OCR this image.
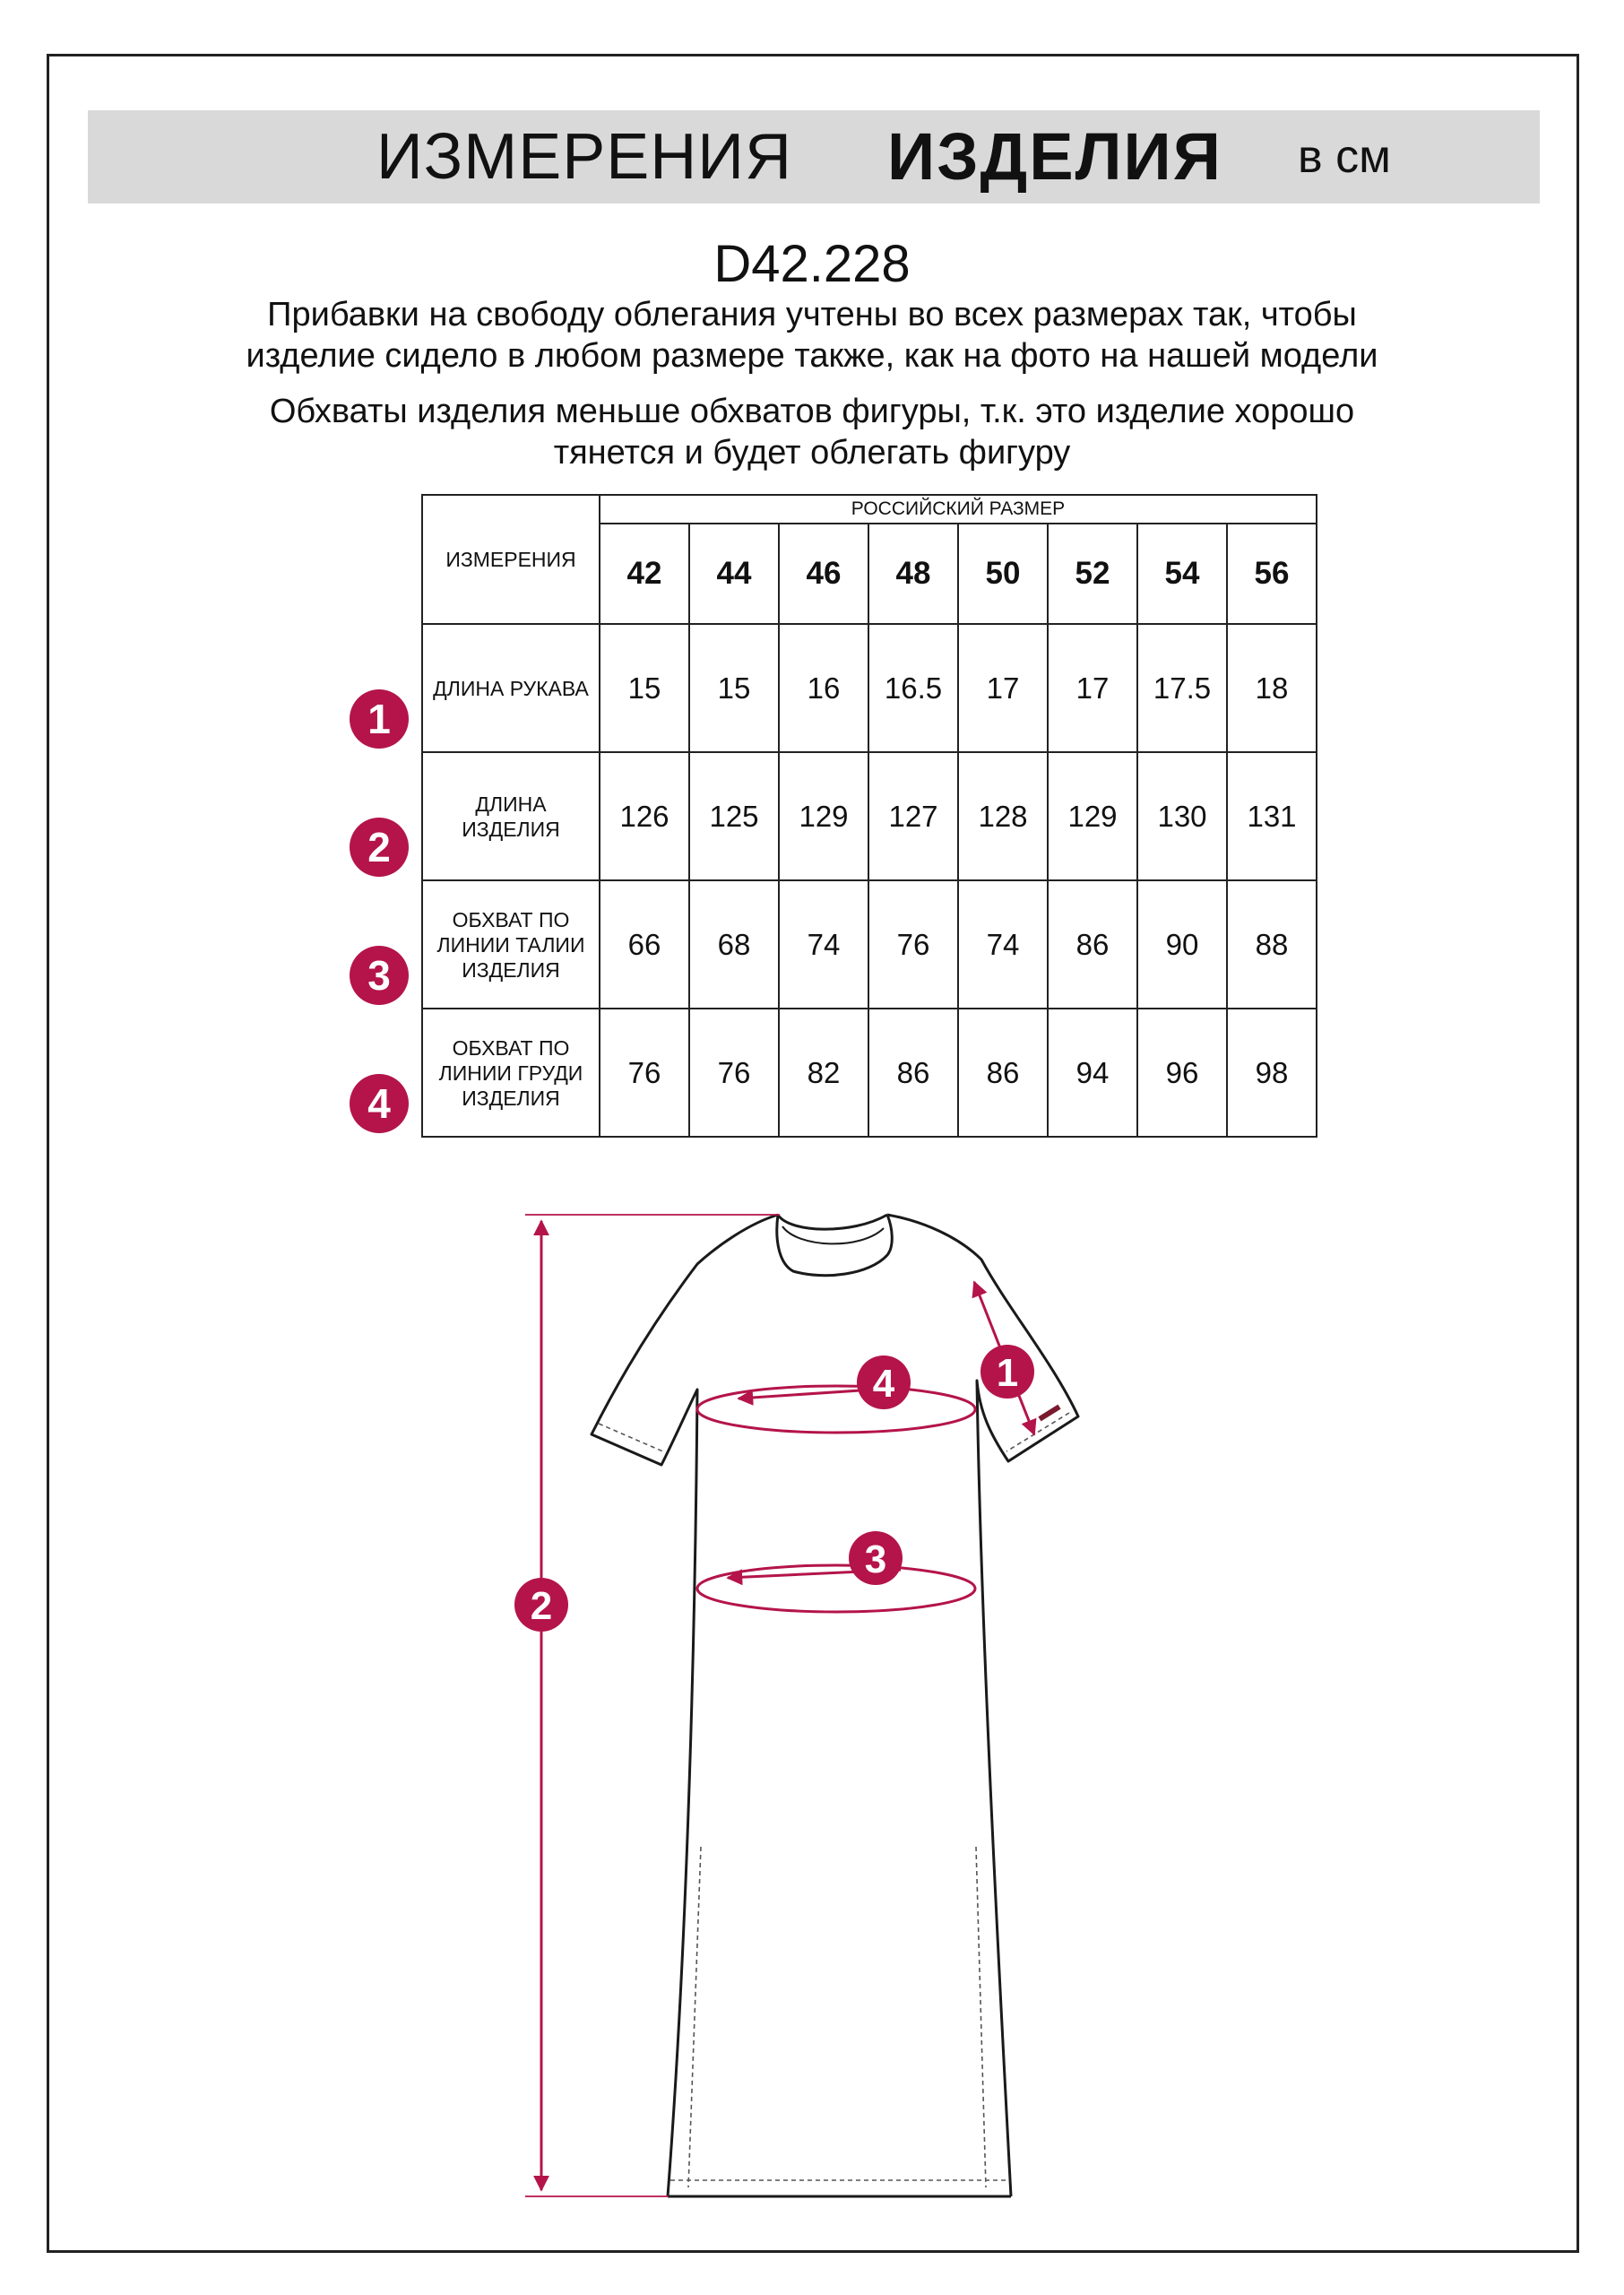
ИЗМЕРЕНИЯ ИЗДЕЛИЯ в см
D42.228
Прибавки на свободу облегания учтены во всех размерах так, чтобы
изделие сидело в любом размере также, как на фото на нашей модели
Обхваты изделия меньше обхватов фигуры, т.к. это изделие хорошо
тянется и будет облегать фигуру
ИЗМЕРЕНИЯ	РОССИЙСКИЙ РАЗМЕР							
	42	44	46	48	50	52	54	56

ДЛИНА РУКАВА	15	15	16	16.5	17	17	17.5	18

ДЛИНА
ИЗДЕЛИЯ	126	125	129	127	128	129	130	131

ОБХВАТ ПО
ЛИНИИ ТАЛИИ
ИЗДЕЛИЯ	66	68	74	76	74	86	90	88

ОБХВАТ ПО
ЛИНИИ ГРУДИ
ИЗДЕЛИЯ	76	76	82	86	86	94	96	98
1
2
3
4
1
2
3
4
